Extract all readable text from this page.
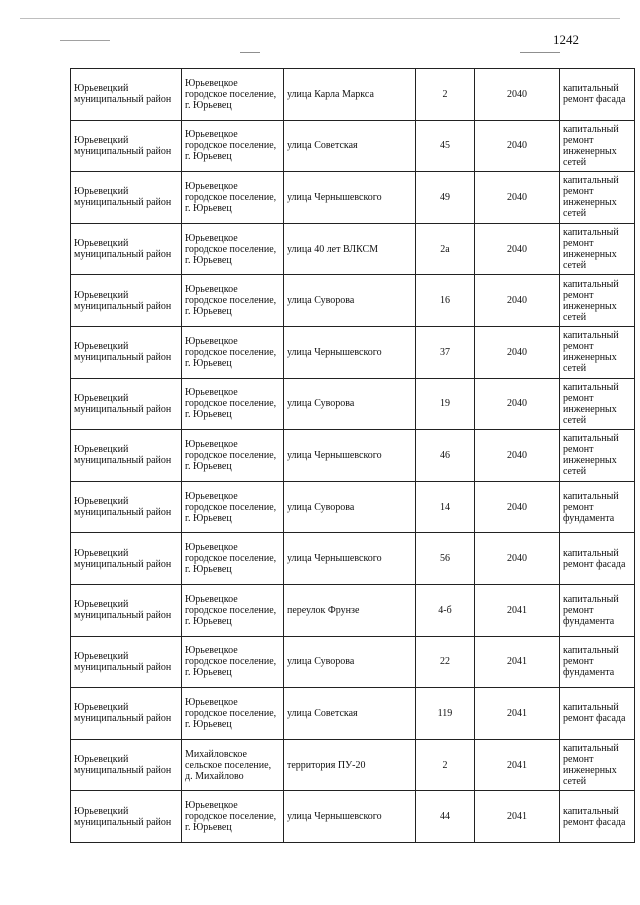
1242
Юрьевецкий муниципальный район	Юрьевецкое городское поселение, г. Юрьевец	улица Карла Маркса	2	2040	капитальный ремонт фасада
Юрьевецкий муниципальный район	Юрьевецкое городское поселение, г. Юрьевец	улица Советская	45	2040	капитальный ремонт инженерных сетей
Юрьевецкий муниципальный район	Юрьевецкое городское поселение, г. Юрьевец	улица Чернышевского	49	2040	капитальный ремонт инженерных сетей
Юрьевецкий муниципальный район	Юрьевецкое городское поселение, г. Юрьевец	улица 40 лет ВЛКСМ	2а	2040	капитальный ремонт инженерных сетей
Юрьевецкий муниципальный район	Юрьевецкое городское поселение, г. Юрьевец	улица Суворова	16	2040	капитальный ремонт инженерных сетей
Юрьевецкий муниципальный район	Юрьевецкое городское поселение, г. Юрьевец	улица Чернышевского	37	2040	капитальный ремонт инженерных сетей
Юрьевецкий муниципальный район	Юрьевецкое городское поселение, г. Юрьевец	улица Суворова	19	2040	капитальный ремонт инженерных сетей
Юрьевецкий муниципальный район	Юрьевецкое городское поселение, г. Юрьевец	улица Чернышевского	46	2040	капитальный ремонт инженерных сетей
Юрьевецкий муниципальный район	Юрьевецкое городское поселение, г. Юрьевец	улица Суворова	14	2040	капитальный ремонт фундамента
Юрьевецкий муниципальный район	Юрьевецкое городское поселение, г. Юрьевец	улица Чернышевского	56	2040	капитальный ремонт фасада
Юрьевецкий муниципальный район	Юрьевецкое городское поселение, г. Юрьевец	переулок Фрунзе	4-б	2041	капитальный ремонт фундамента
Юрьевецкий муниципальный район	Юрьевецкое городское поселение, г. Юрьевец	улица Суворова	22	2041	капитальный ремонт фундамента
Юрьевецкий муниципальный район	Юрьевецкое городское поселение, г. Юрьевец	улица Советская	119	2041	капитальный ремонт фасада
Юрьевецкий муниципальный район	Михайловское сельское поселение, д. Михайлово	территория ПУ-20	2	2041	капитальный ремонт инженерных сетей
Юрьевецкий муниципальный район	Юрьевецкое городское поселение, г. Юрьевец	улица Чернышевского	44	2041	капитальный ремонт фасада
